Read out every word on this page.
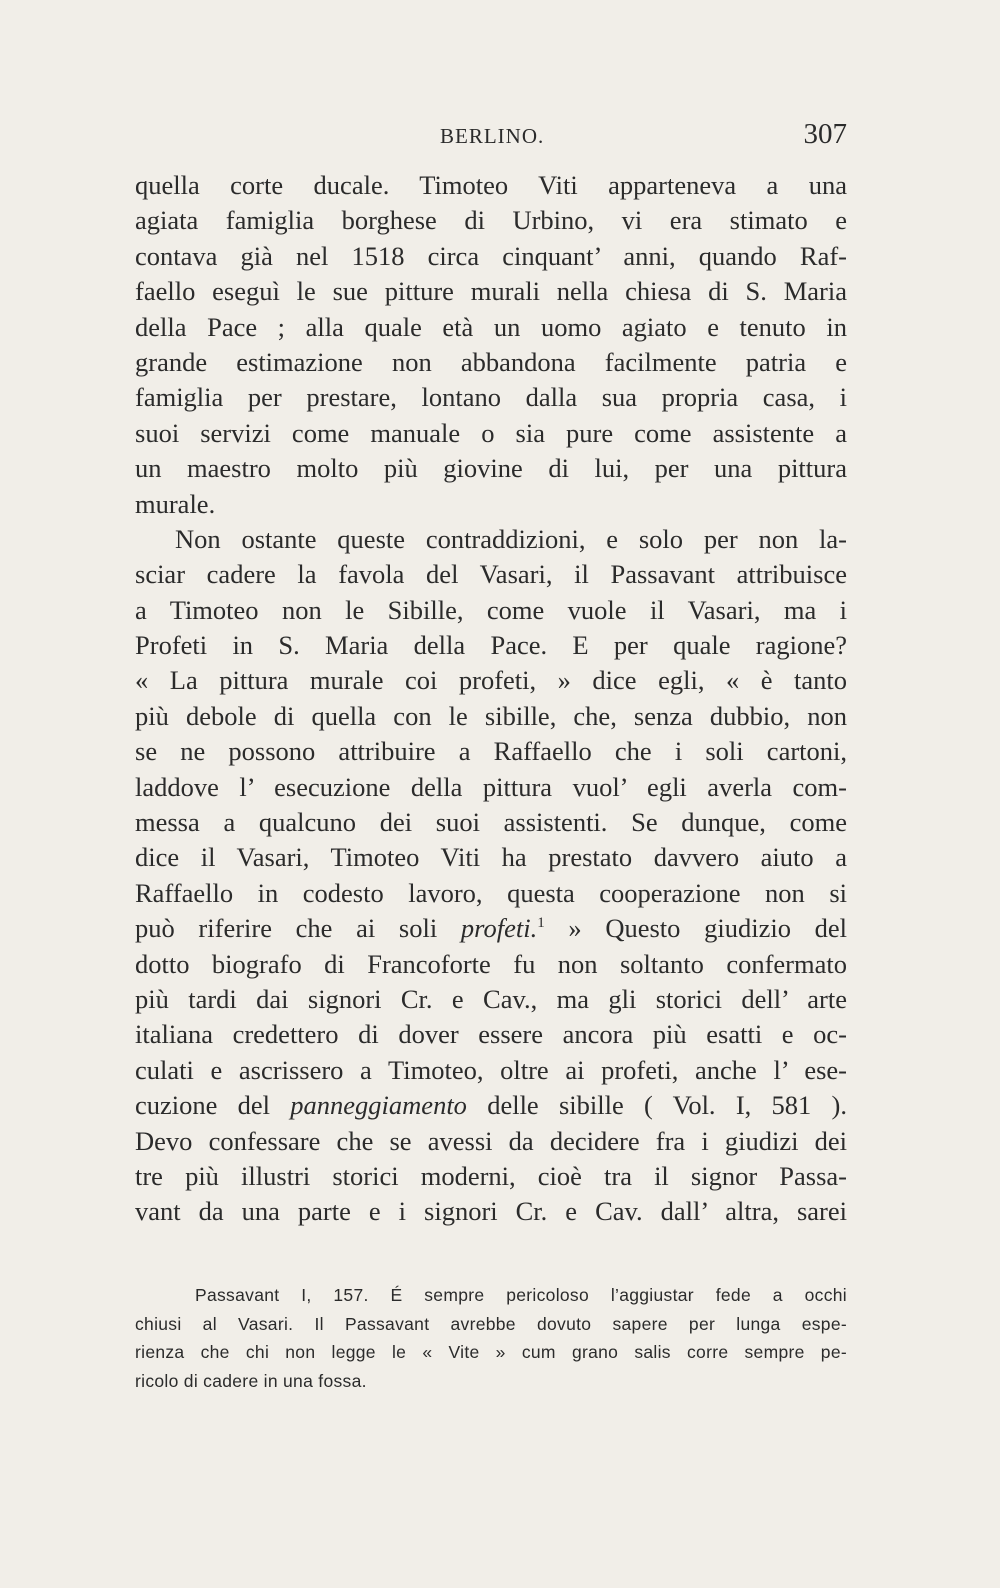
BERLINO.	307
quella corte ducale. Timoteo Viti apparteneva a una
agiata famiglia borghese di Urbino, vi era stimato e
contava già nel 1518 circa cinquant’ anni, quando Raf-
faello eseguì le sue pitture murali nella chiesa di S. Maria
della Pace ; alla quale età un uomo agiato e tenuto in
grande estimazione non abbandona facilmente patria e
famiglia per prestare, lontano dalla sua propria casa, i
suoi servizi come manuale o sia pure come assistente a
un maestro molto più giovine di lui, per una pittura
murale.
Non ostante queste contraddizioni, e solo per non la-
sciar cadere la favola del Vasari, il Passavant attribuisce
a Timoteo non le Sibille, come vuole il Vasari, ma i
Profeti in S. Maria della Pace. E per quale ragione?
« La pittura murale coi profeti, » dice egli, « è tanto
più debole di quella con le sibille, che, senza dubbio, non
se ne possono attribuire a Raffaello che i soli cartoni,
laddove l’ esecuzione della pittura vuol’ egli averla com-
messa a qualcuno dei suoi assistenti. Se dunque, come
dice il Vasari, Timoteo Viti ha prestato davvero aiuto a
Raffaello in codesto lavoro, questa cooperazione non si
può riferire che ai soli profeti.$^1$ » Questo giudizio del
dotto biografo di Francoforte fu non soltanto confermato
più tardi dai signori Cr. e Cav., ma gli storici dell’ arte
italiana credettero di dover essere ancora più esatti e oc-
culati e ascrissero a Timoteo, oltre ai profeti, anche l’ ese-
cuzione del panneggiamento delle sibille ( Vol. I, 581 ).
Devo confessare che se avessi da decidere fra i giudizi dei
tre più illustri storici moderni, cioè tra il signor Passa-
vant da una parte e i signori Cr. e Cav. dall’ altra, sarei
Passavant I, 157. É sempre pericoloso l’aggiustar fede a occhi
chiusi al Vasari. Il Passavant avrebbe dovuto sapere per lunga espe-
rienza che chi non legge le « Vite » cum grano salis corre sempre pe-
ricolo di cadere in una fossa.
